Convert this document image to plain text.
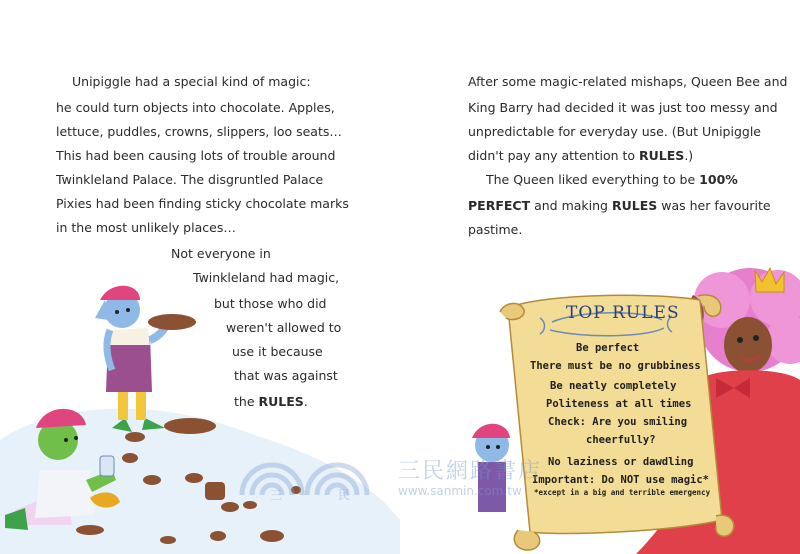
Unipiggle had a special kind of magic:
he could turn objects into chocolate. Apples,
lettuce, puddles, crowns, slippers, loo seats…
This had been causing lots of trouble around
Twinkleland Palace. The disgruntled Palace
Pixies had been finding sticky chocolate marks
in the most unlikely places…
Not everyone in
Twinkleland had magic,
but those who did
weren't allowed to
use it because
that was against
the RULES.
After some magic-related mishaps, Queen Bee and
King Barry had decided it was just too messy and
unpredictable for everyday use. (But Unipiggle
didn't pay any attention to RULES.)
The Queen liked everything to be 100%
PERFECT and making RULES was her favourite
pastime.
TOP RULES
Be perfect
There must be no grubbiness
Be neatly completely
Politeness at all times
Check: Are you smiling
cheerfully?
No laziness or dawdling
Important: Do NOT use magic*
*except in a big and terrible emergency
三	民
三民網路書店
www.sanmin.com.tw
